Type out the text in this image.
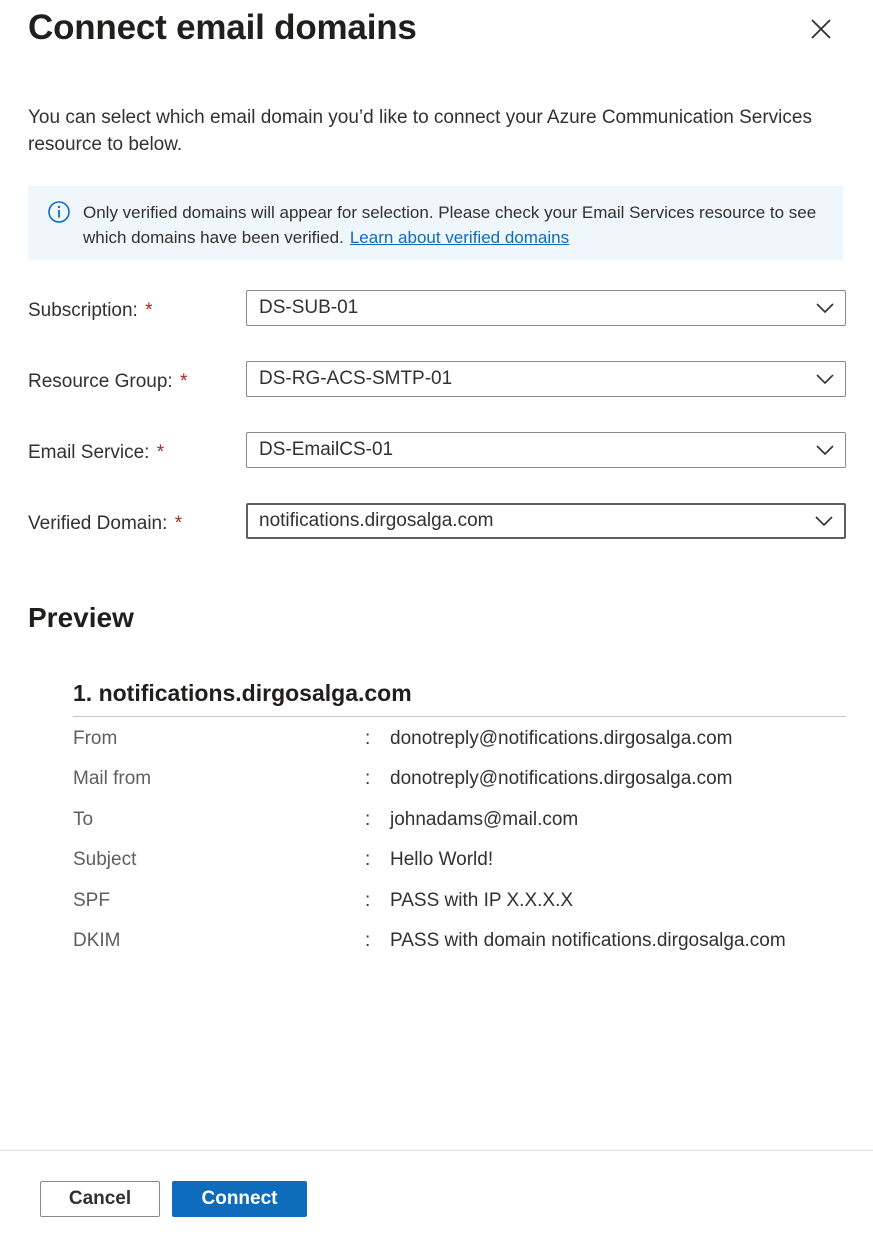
Connect email domains
You can select which email domain you’d like to connect your Azure Communication Services resource to below.
Only verified domains will appear for selection. Please check your Email Services resource to see which domains have been verified. Learn about verified domains
Subscription: *	DS-SUB-01
Resource Group: *	DS-RG-ACS-SMTP-01
Email Service: *	DS-EmailCS-01
Verified Domain: *	notifications.dirgosalga.com
Preview
1. notifications.dirgosalga.com
From	: donotreply@notifications.dirgosalga.com
Mail from	: donotreply@notifications.dirgosalga.com
To	: johnadams@mail.com
Subject	: Hello World!
SPF	: PASS with IP X.X.X.X
DKIM	: PASS with domain notifications.dirgosalga.com
Cancel	Connect
